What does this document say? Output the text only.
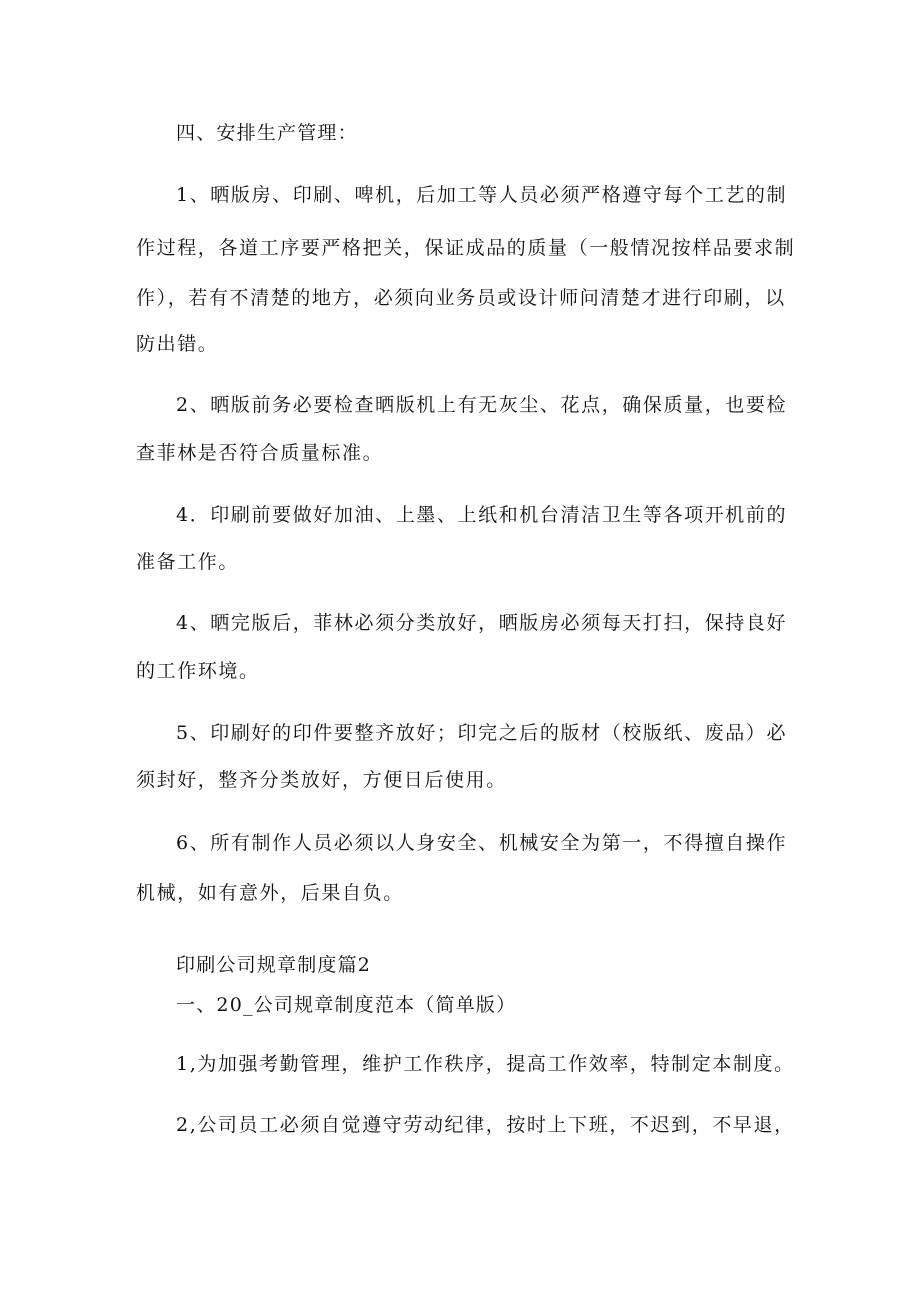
四、安排生产管理：
1、晒版房、印刷、啤机，后加工等人员必须严格遵守每个工艺的制
作过程，各道工序要严格把关，保证成品的质量（一般情况按样品要求制
作），若有不清楚的地方，必须向业务员或设计师问清楚才进行印刷，以
防出错。
2、晒版前务必要检查晒版机上有无灰尘、花点，确保质量，也要检
查菲林是否符合质量标准。
4．印刷前要做好加油、上墨、上纸和机台清洁卫生等各项开机前的
准备工作。
4、晒完版后，菲林必须分类放好，晒版房必须每天打扫，保持良好
的工作环境。
5、印刷好的印件要整齐放好；印完之后的版材（校版纸、废品）必
须封好，整齐分类放好，方便日后使用。
6、所有制作人员必须以人身安全、机械安全为第一，不得擅自操作
机械，如有意外，后果自负。
印刷公司规章制度篇2
一、20_公司规章制度范本（简单版）
1,为加强考勤管理，维护工作秩序，提高工作效率，特制定本制度。
2,公司员工必须自觉遵守劳动纪律，按时上下班，不迟到，不早退，
